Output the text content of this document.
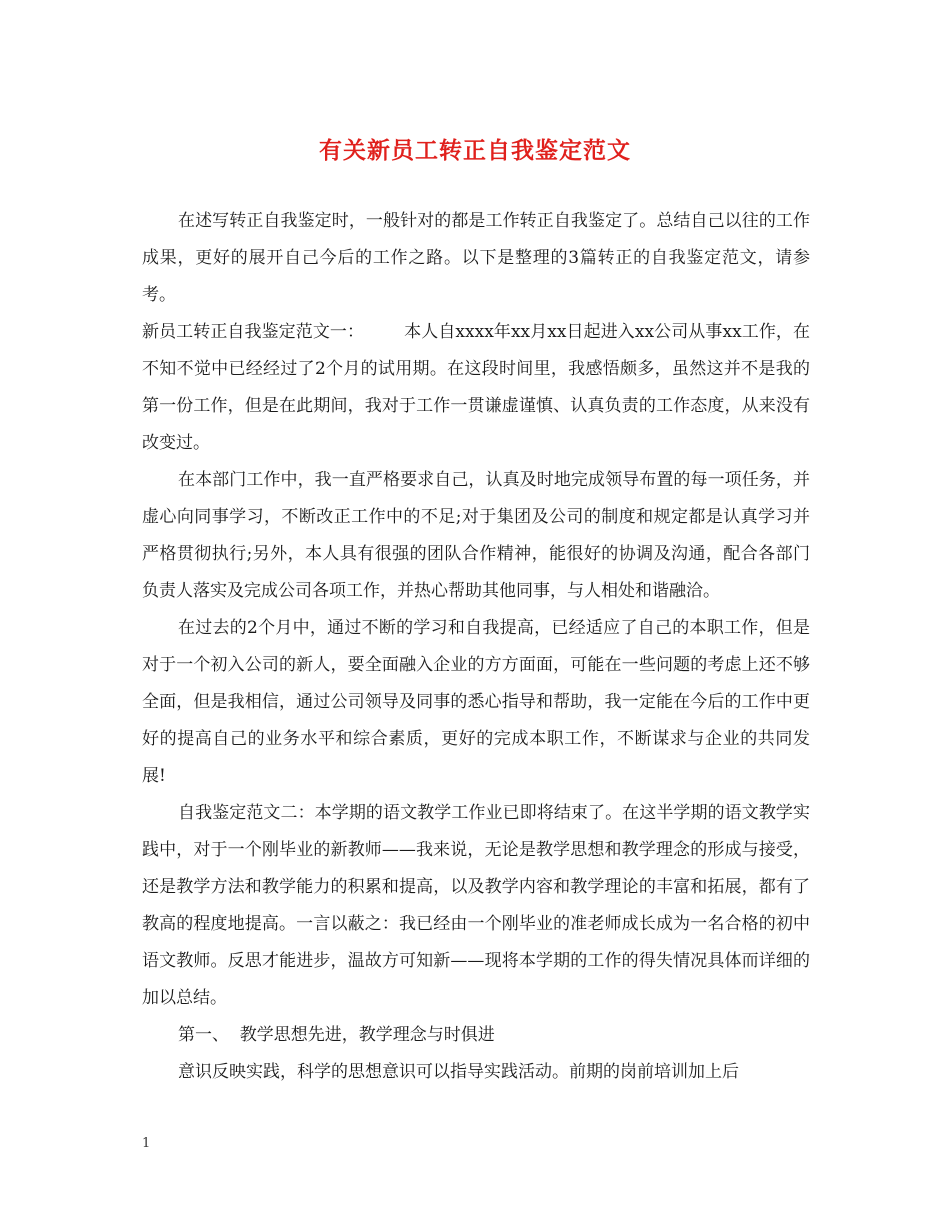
有关新员工转正自我鉴定范文

在述写转正自我鉴定时，一般针对的都是工作转正自我鉴定了。总结自己以往的工作成果，更好的展开自己今后的工作之路。以下是整理的3篇转正的自我鉴定范文，请参考。

新员工转正自我鉴定范文一： 本人自xxxx年xx月xx日起进入xx公司从事xx工作，在不知不觉中已经经过了2个月的试用期。在这段时间里，我感悟颇多，虽然这并不是我的第一份工作，但是在此期间，我对于工作一贯谦虚谨慎、认真负责的工作态度，从来没有改变过。

在本部门工作中，我一直严格要求自己，认真及时地完成领导布置的每一项任务，并虚心向同事学习，不断改正工作中的不足;对于集团及公司的制度和规定都是认真学习并严格贯彻执行;另外，本人具有很强的团队合作精神，能很好的协调及沟通，配合各部门负责人落实及完成公司各项工作，并热心帮助其他同事，与人相处和谐融洽。

在过去的2个月中，通过不断的学习和自我提高，已经适应了自己的本职工作，但是对于一个初入公司的新人，要全面融入企业的方方面面，可能在一些问题的考虑上还不够全面，但是我相信，通过公司领导及同事的悉心指导和帮助，我一定能在今后的工作中更好的提高自己的业务水平和综合素质，更好的完成本职工作，不断谋求与企业的共同发展!

自我鉴定范文二：本学期的语文教学工作业已即将结束了。在这半学期的语文教学实践中，对于一个刚毕业的新教师——我来说，无论是教学思想和教学理念的形成与接受，还是教学方法和教学能力的积累和提高，以及教学内容和教学理论的丰富和拓展，都有了教高的程度地提高。一言以蔽之：我已经由一个刚毕业的准老师成长成为一名合格的初中语文教师。反思才能进步，温故方可知新——现将本学期的工作的得失情况具体而详细的加以总结。

第一、  教学思想先进，教学理念与时俱进

意识反映实践，科学的思想意识可以指导实践活动。前期的岗前培训加上后

1
